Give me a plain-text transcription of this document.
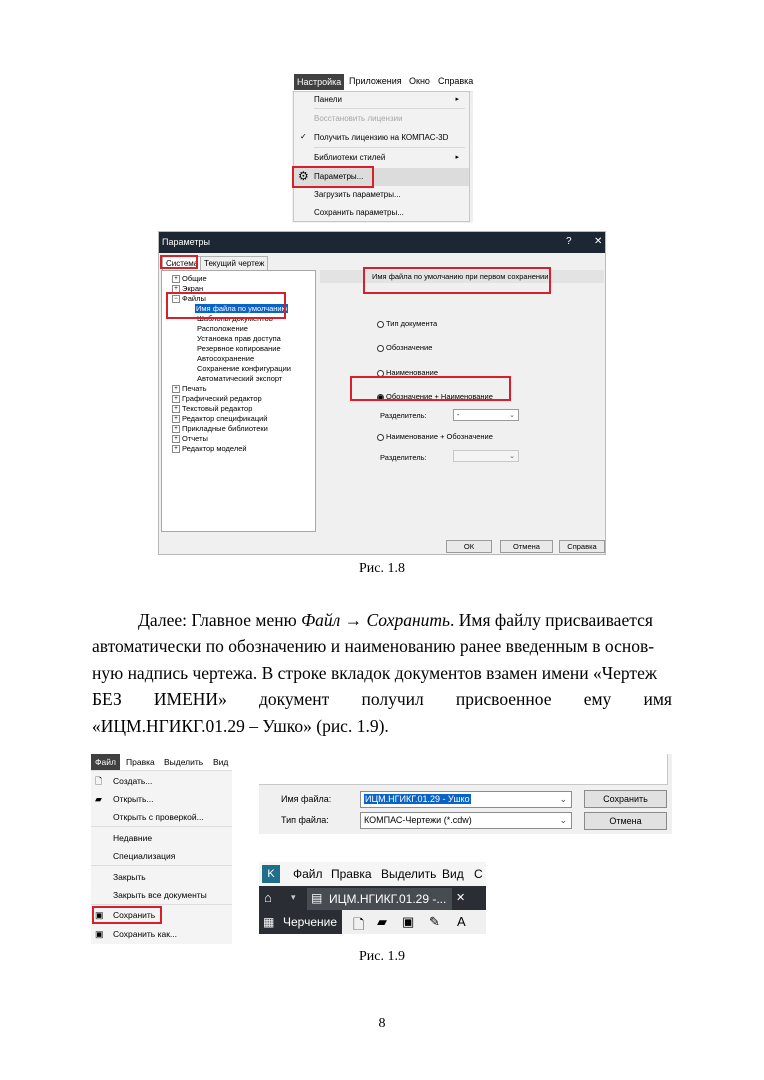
Настройка Приложения Окно Справка
Панели	▸
Восстановить лицензии
✓ Получить лицензию на КОМПАС-3D
Библиотеки стилей	▸
⚙ Параметры...
Загрузить параметры...
Сохранить параметры...
Параметры	? ✕
Система Текущий чертеж
+ Общие
+ Экран
− Файлы
Имя файла по умолчанию
Шаблоны документов
Расположение
Установка прав доступа
Резервное копирование
Автосохранение
Сохранение конфигурации
Автоматический экспорт
+ Печать
+ Графический редактор
+ Текстовый редактор
+ Редактор спецификаций
+ Прикладные библиотеки
+ Отчеты
+ Редактор моделей
Имя файла по умолчанию при первом сохранении
Тип документа
Обозначение
Наименование
Обозначение + Наименование
Разделитель:	-	⌄
Наименование + Обозначение
Разделитель:	⌄
ОК	Отмена	Справка
Рис. 1.8
Далее: Главное меню Файл → Сохранить. Имя файлу присваивается
автоматически по обозначению и наименованию ранее введенным в основ-
ную надпись чертежа. В строке вкладок документов взамен имени «Чертеж
БЕЗ ИМЕНИ» документ получил присвоенное ему имя
«ИЦМ.НГИКГ.01.29 – Ушко» (рис. 1.9).
Файл	Правка Выделить Вид
🗋 Создать...
▰ Открыть...
Открыть с проверкой...
Недавние
Специализация
Закрыть
Закрыть все документы
▣ Сохранить
▣ Сохранить как...
Имя файла:	ИЦМ.НГИКГ.01.29 - Ушко	⌄
Тип файла:	КОМПАС-Чертежи (*.cdw)	⌄
Сохранить
Отмена
K	Файл Правка Выделить Вид С
⌂ ▾ ▤ ИЦМ.НГИКГ.01.29 -... ✕
▦ Черчение 🗋 ▰ ▣ ✎ А
Рис. 1.9
8
